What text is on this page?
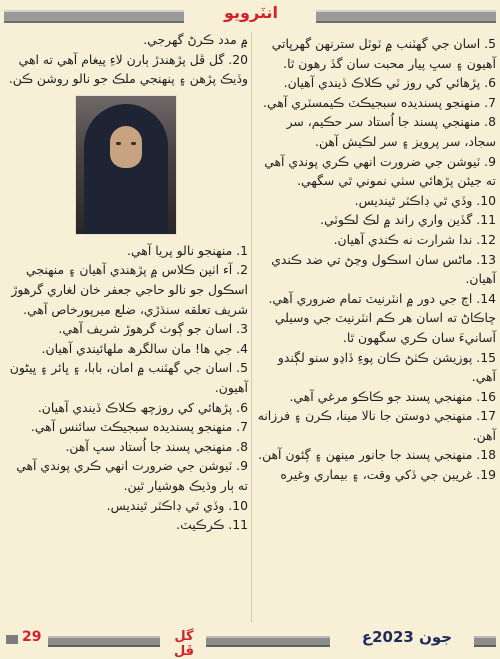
انٽرويو

5. اسان جي گھٽنب ۾ ٽوٽل سترنھن گھرڀاتي آھيون ۽ سڀ پيار محبت سان گڏ رھون ٿا.

6. پڙھائي کي روز ٽي ڪلاڪ ڏيندي آھيان.

7. منھنجو پسنديده سبجيڪٽ ڪيمسٽري آھي.

8. منھنجي پسند جا اُستاد سر حڪيم، سر سجاد، سر پرويز ۽ سر لڪيش آھن.

9. ٽيوشن جي ضرورت انھي ڪري پوندي آھي ته جيئن پڙھائي سٺي نموني ٿي سگھي.

10. وڏي ٿي ڊاڪٽر ٿينديس.

11. گڏين واري راند ۾ لڪ لڪوٽي.

12. ندا شرارت نه ڪندي آھيان.

13. ماڻس سان اسڪول وڃڻ تي ضد ڪندي آھيان.

14. اڄ جي دور ۾ انٽرنيٽ تمام ضروري آھي. چاڪاڻ ته اسان هر ڪم انٽرنيٽ جي وسيلي آسانيءَ سان ڪري سگھون ٿا.

15. پوزيشن ڪٺڻ ڪان پوءِ ڏاڍو سنو لڳندو آھي.

16. منھنجي پسند جو ڪاڪو مرغي آھي.

17. منھنجي دوستن جا نالا مينا، ڪرن ۽ فرزانه آھن.

18. منھنجي پسند جا جانور مينھن ۽ ڳئون آھن.

19. غريبن جي ڏکي وقت، ۽ بيماري وغيره

۾ مدد ڪرڻ گھرجي.

20. گل ڦل پڙھندڙ ٻارن لاءِ پيغام آھي ته اھي وڏيڪ پڙھن ۽ پنھنجي ملڪ جو نالو روشن ڪن.

1. منھنجو نالو پريا آھي.

2. آء اٺين ڪلاس ۾ پڙھندي آھيان ۽ منھنجي اسڪول جو نالو حاجي جعفر خان لغاري گرھوڙ شريف تعلقه سنڌڙي، ضلع ميرپورخاص آھي.

3. اسان جو ڳوٺ گرھوڙ شريف آھي.

4. جي ها! مان سالگرھ ملھائيندي آھيان.

5. اسان جي گھٽنب ۾ امان، بابا، ۽ ڀائر ۽ ڀيڻون آھيون.

6. پڙھائي کي روزچھ ڪلاڪ ڏيندي آھيان.

7. منھنجو پسنديده سبجيڪٽ سائنس آھي.

8. منھنجي پسند جا اُستاد سڀ آھن.

9. ٽيوشن جي ضرورت انھي ڪري پوندي آھي ته ٻار وڌيڪ ھوشيار ٿين.

10. وڏي ٿي ڊاڪٽر ٿينديس.

11. ڪرڪيٽ.

29	گل ڦل
جون 2023ع
